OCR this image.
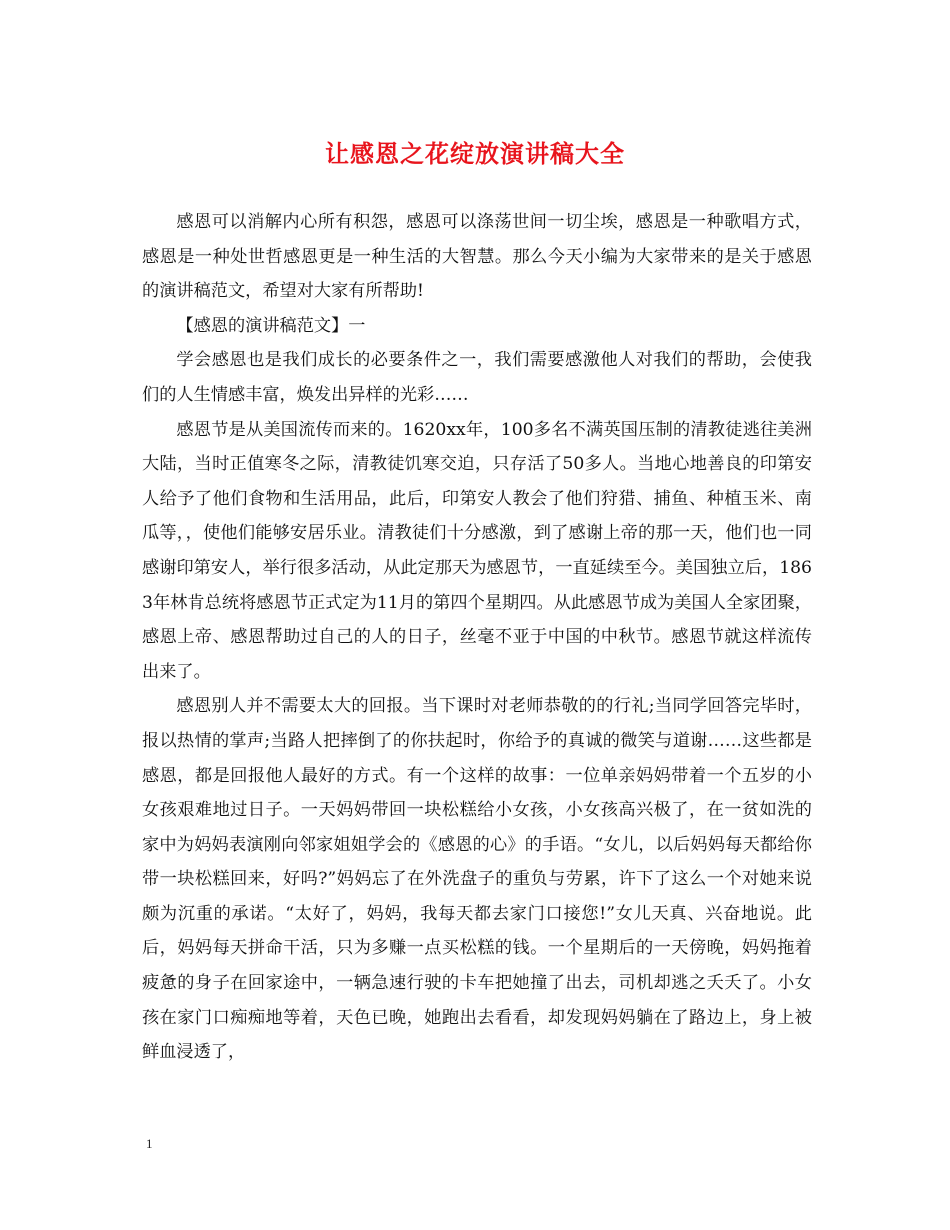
让感恩之花绽放演讲稿大全

感恩可以消解内心所有积怨，感恩可以涤荡世间一切尘埃，感恩是一种歌唱方式，感恩是一种处世哲感恩更是一种生活的大智慧。那么今天小编为大家带来的是关于感恩的演讲稿范文，希望对大家有所帮助!

【感恩的演讲稿范文】一

学会感恩也是我们成长的必要条件之一，我们需要感激他人对我们的帮助，会使我们的人生情感丰富，焕发出异样的光彩……

感恩节是从美国流传而来的。1620xx年，100多名不满英国压制的清教徒逃往美洲大陆，当时正值寒冬之际，清教徒饥寒交迫，只存活了50多人。当地心地善良的印第安人给予了他们食物和生活用品，此后，印第安人教会了他们狩猎、捕鱼、种植玉米、南瓜等，，使他们能够安居乐业。清教徒们十分感激，到了感谢上帝的那一天，他们也一同感谢印第安人，举行很多活动，从此定那天为感恩节，一直延续至今。美国独立后，1863年林肯总统将感恩节正式定为11月的第四个星期四。从此感恩节成为美国人全家团聚，感恩上帝、感恩帮助过自己的人的日子，丝毫不亚于中国的中秋节。感恩节就这样流传出来了。

感恩别人并不需要太大的回报。当下课时对老师恭敬的的行礼;当同学回答完毕时，报以热情的掌声;当路人把摔倒了的你扶起时，你给予的真诚的微笑与道谢……这些都是感恩，都是回报他人最好的方式。有一个这样的故事：一位单亲妈妈带着一个五岁的小女孩艰难地过日子。一天妈妈带回一块松糕给小女孩，小女孩高兴极了，在一贫如洗的家中为妈妈表演刚向邻家姐姐学会的《感恩的心》的手语。“女儿，以后妈妈每天都给你带一块松糕回来，好吗?”妈妈忘了在外洗盘子的重负与劳累，许下了这么一个对她来说颇为沉重的承诺。“太好了，妈妈，我每天都去家门口接您!”女儿天真、兴奋地说。此后，妈妈每天拼命干活，只为多赚一点买松糕的钱。一个星期后的一天傍晚，妈妈拖着疲惫的身子在回家途中，一辆急速行驶的卡车把她撞了出去，司机却逃之夭夭了。小女孩在家门口痴痴地等着，天色已晚，她跑出去看看，却发现妈妈躺在了路边上，身上被鲜血浸透了，

1
